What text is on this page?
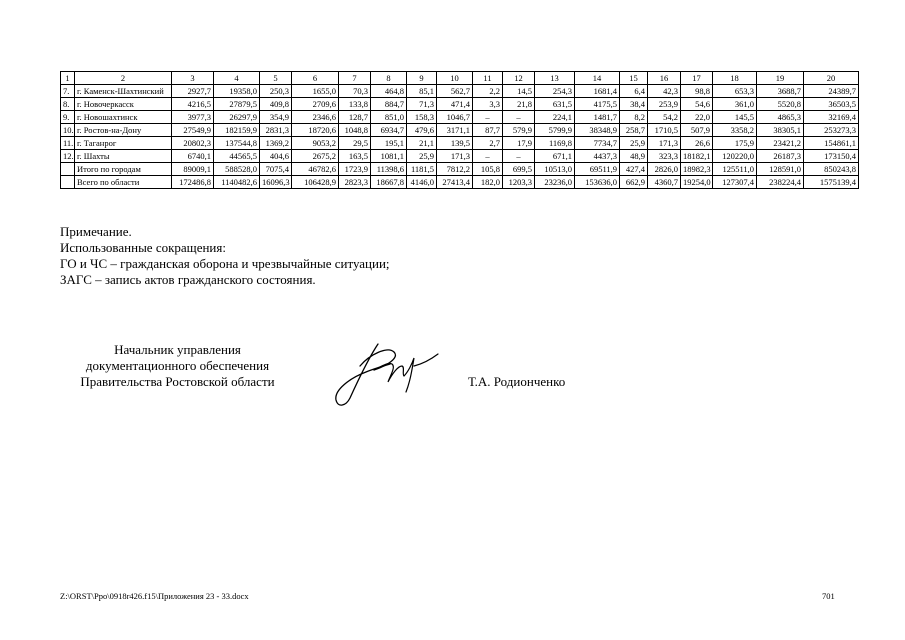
1	2	3	4	5	6	7	8	9	10	11	12	13	14	15	16	17	18	19	20
7.	г. Каменск-Шахтинский	2927,7	19358,0	250,3	1655,0	70,3	464,8	85,1	562,7	2,2	14,5	254,3	1681,4	6,4	42,3	98,8	653,3	3688,7	24389,7
8.	г. Новочеркасск	4216,5	27879,5	409,8	2709,6	133,8	884,7	71,3	471,4	3,3	21,8	631,5	4175,5	38,4	253,9	54,6	361,0	5520,8	36503,5
9.	г. Новошахтинск	3977,3	26297,9	354,9	2346,6	128,7	851,0	158,3	1046,7	–	–	224,1	1481,7	8,2	54,2	22,0	145,5	4865,3	32169,4
10.	г. Ростов-на-Дону	27549,9	182159,9	2831,3	18720,6	1048,8	6934,7	479,6	3171,1	87,7	579,9	5799,9	38348,9	258,7	1710,5	507,9	3358,2	38305,1	253273,3
11.	г. Таганрог	20802,3	137544,8	1369,2	9053,2	29,5	195,1	21,1	139,5	2,7	17,9	1169,8	7734,7	25,9	171,3	26,6	175,9	23421,2	154861,1
12.	г. Шахты	6740,1	44565,5	404,6	2675,2	163,5	1081,1	25,9	171,3	–	–	671,1	4437,3	48,9	323,3	18182,1	120220,0	26187,3	173150,4
	Итого по городам	89009,1	588528,0	7075,4	46782,6	1723,9	11398,6	1181,5	7812,2	105,8	699,5	10513,0	69511,9	427,4	2826,0	18982,3	125511,0	128591,0	850243,8
	Всего по области	172486,8	1140482,6	16096,3	106428,9	2823,3	18667,8	4146,0	27413,4	182,0	1203,3	23236,0	153636,0	662,9	4360,7	19254,0	127307,4	238224,4	1575139,4
Примечание.
Использованные сокращения:
ГО и ЧС – гражданская оборона и чрезвычайные ситуации;
ЗАГС – запись актов гражданского состояния.
Начальник управления
документационного обеспечения
Правительства Ростовской области	Т.А. Родионченко
Z:\ORST\Ppo\0918r426.f15\Приложения 23 - 33.docx	701
